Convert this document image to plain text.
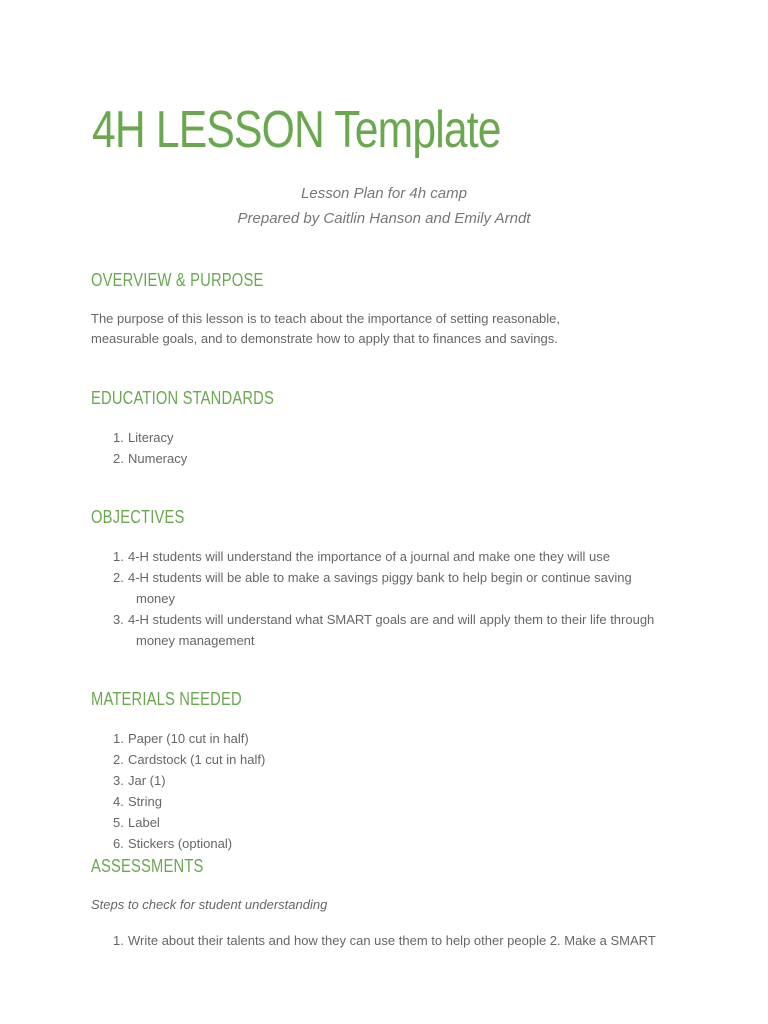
4H LESSON Template
Lesson Plan for 4h camp
Prepared by Caitlin Hanson and Emily Arndt
OVERVIEW & PURPOSE

The purpose of this lesson is to teach about the importance of setting reasonable,

measurable goals, and to demonstrate how to apply that to finances and savings.

EDUCATION STANDARDS
1. Literacy
2. Numeracy
OBJECTIVES
1. 4-H students will understand the importance of a journal and make one they will use
2. 4-H students will be able to make a savings piggy bank to help begin or continue saving
money
3. 4-H students will understand what SMART goals are and will apply them to their life through
money management
MATERIALS NEEDED
1. Paper (10 cut in half)
2. Cardstock (1 cut in half)
3. Jar (1)
4. String
5. Label
6. Stickers (optional)
ASSESSMENTS

Steps to check for student understanding

1. Write about their talents and how they can use them to help other people 2. Make a SMART
